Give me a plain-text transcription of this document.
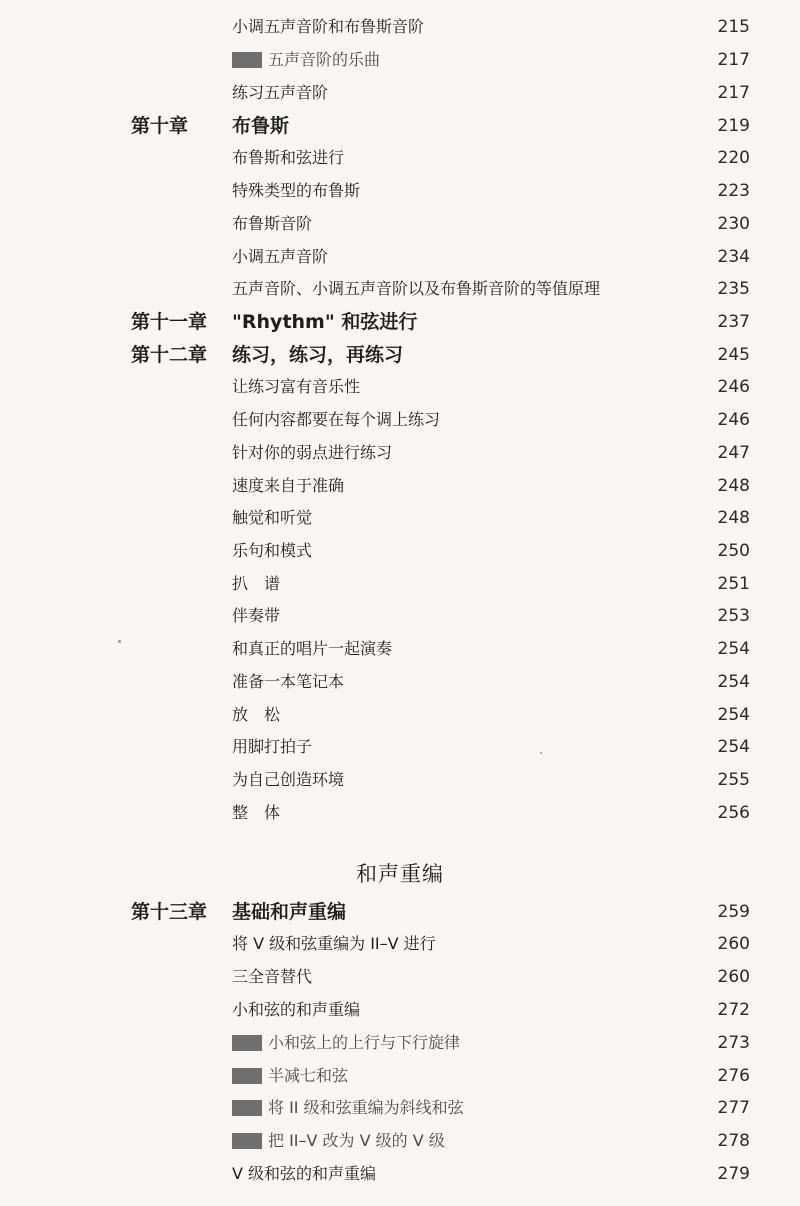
和声重编
小调五声音阶和布鲁斯音阶	215
五声音阶的乐曲	217
练习五声音阶	217
第十章 布鲁斯	219
布鲁斯和弦进行	220
特殊类型的布鲁斯	223
布鲁斯音阶	230
小调五声音阶	234
五声音阶、小调五声音阶以及布鲁斯音阶的等值原理	235
第十一章 "Rhythm" 和弦进行	237
第十二章 练习，练习，再练习	245
让练习富有音乐性	246
任何内容都要在每个调上练习	246
针对你的弱点进行练习	247
速度来自于准确	248
触觉和听觉	248
乐句和模式	250
扒　谱	251
伴奏带	253
和真正的唱片一起演奏	254
准备一本笔记本	254
放　松	254
用脚打拍子	254
为自己创造环境	255
整　体	256
第十三章 基础和声重编	259
将 V 级和弦重编为 II–V 进行	260
三全音替代	260
小和弦的和声重编	272
小和弦上的上行与下行旋律	273
半减七和弦	276
将 II 级和弦重编为斜线和弦	277
把 II–V 改为 V 级的 V 级	278
V 级和弦的和声重编	279
